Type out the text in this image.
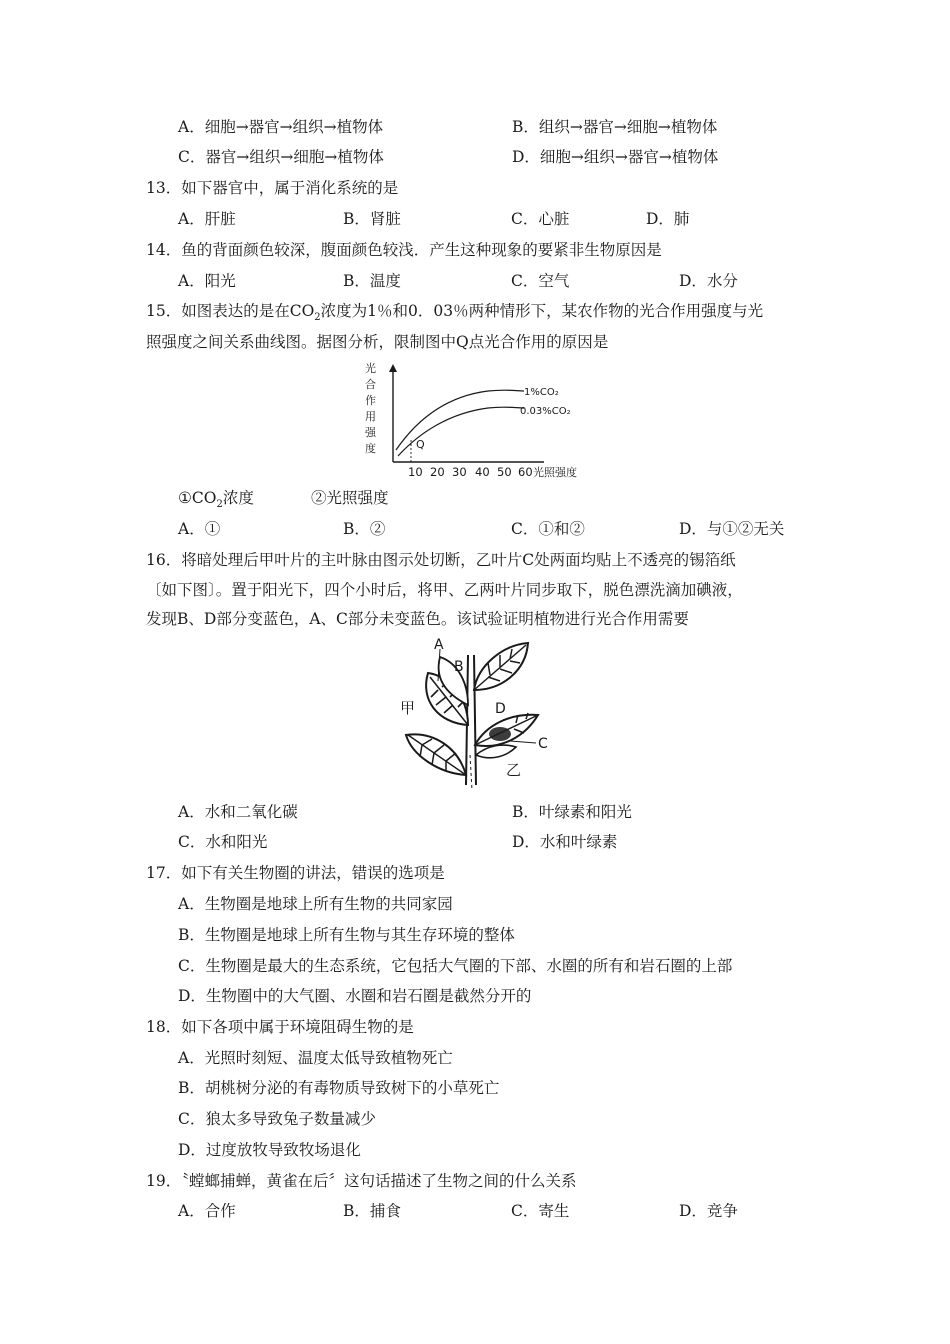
A．细胞→器官→组织→植物体	B．组织→器官→细胞→植物体
C．器官→组织→细胞→植物体	D．细胞→组织→器官→植物体
13．如下器官中，属于消化系统的是
A．肝脏	B．肾脏	C．心脏	D．肺
14．鱼的背面颜色较深，腹面颜色较浅．产生这种现象的要紧非生物原因是
A．阳光	B．温度	C．空气	D．水分
15．如图表达的是在$CO_2$浓度为1％和0．03％两种情形下，某农作物的光合作用强度与光
照强度之间关系曲线图。据图分析，限制图中Q点光合作用的原因是
光
合
作
用
强
度	Q
1%CO₂
0.03%CO₂
10 20 30 40 50 60 光照强度
$①CO_2$浓度	②光照强度
A．①	B．②	C．①和②	D．与①②无关
16．将暗处理后甲叶片的主叶脉由图示处切断，乙叶片C处两面均贴上不透亮的锡箔纸
〔如下图〕。置于阳光下，四个小时后，将甲、乙两叶片同步取下，脱色漂洗滴加碘液，
发现B、D部分变蓝色，A、C部分未变蓝色。该试验证明植物进行光合作用需要
A
B
D
C
甲
乙
A．水和二氧化碳	B．叶绿素和阳光
C．水和阳光	D．水和叶绿素
17．如下有关生物圈的讲法，错误的选项是
A．生物圈是地球上所有生物的共同家园
B．生物圈是地球上所有生物与其生存环境的整体
C．生物圈是最大的生态系统，它包括大气圈的下部、水圈的所有和岩石圈的上部
D．生物圈中的大气圈、水圈和岩石圈是截然分开的
18．如下各项中属于环境阻碍生物的是
A．光照时刻短、温度太低导致植物死亡
B．胡桃树分泌的有毒物质导致树下的小草死亡
C．狼太多导致兔子数量减少
D．过度放牧导致牧场退化
19．〝螳螂捕蝉，黄雀在后〞这句话描述了生物之间的什么关系
A．合作	B．捕食	C．寄生	D．竞争
